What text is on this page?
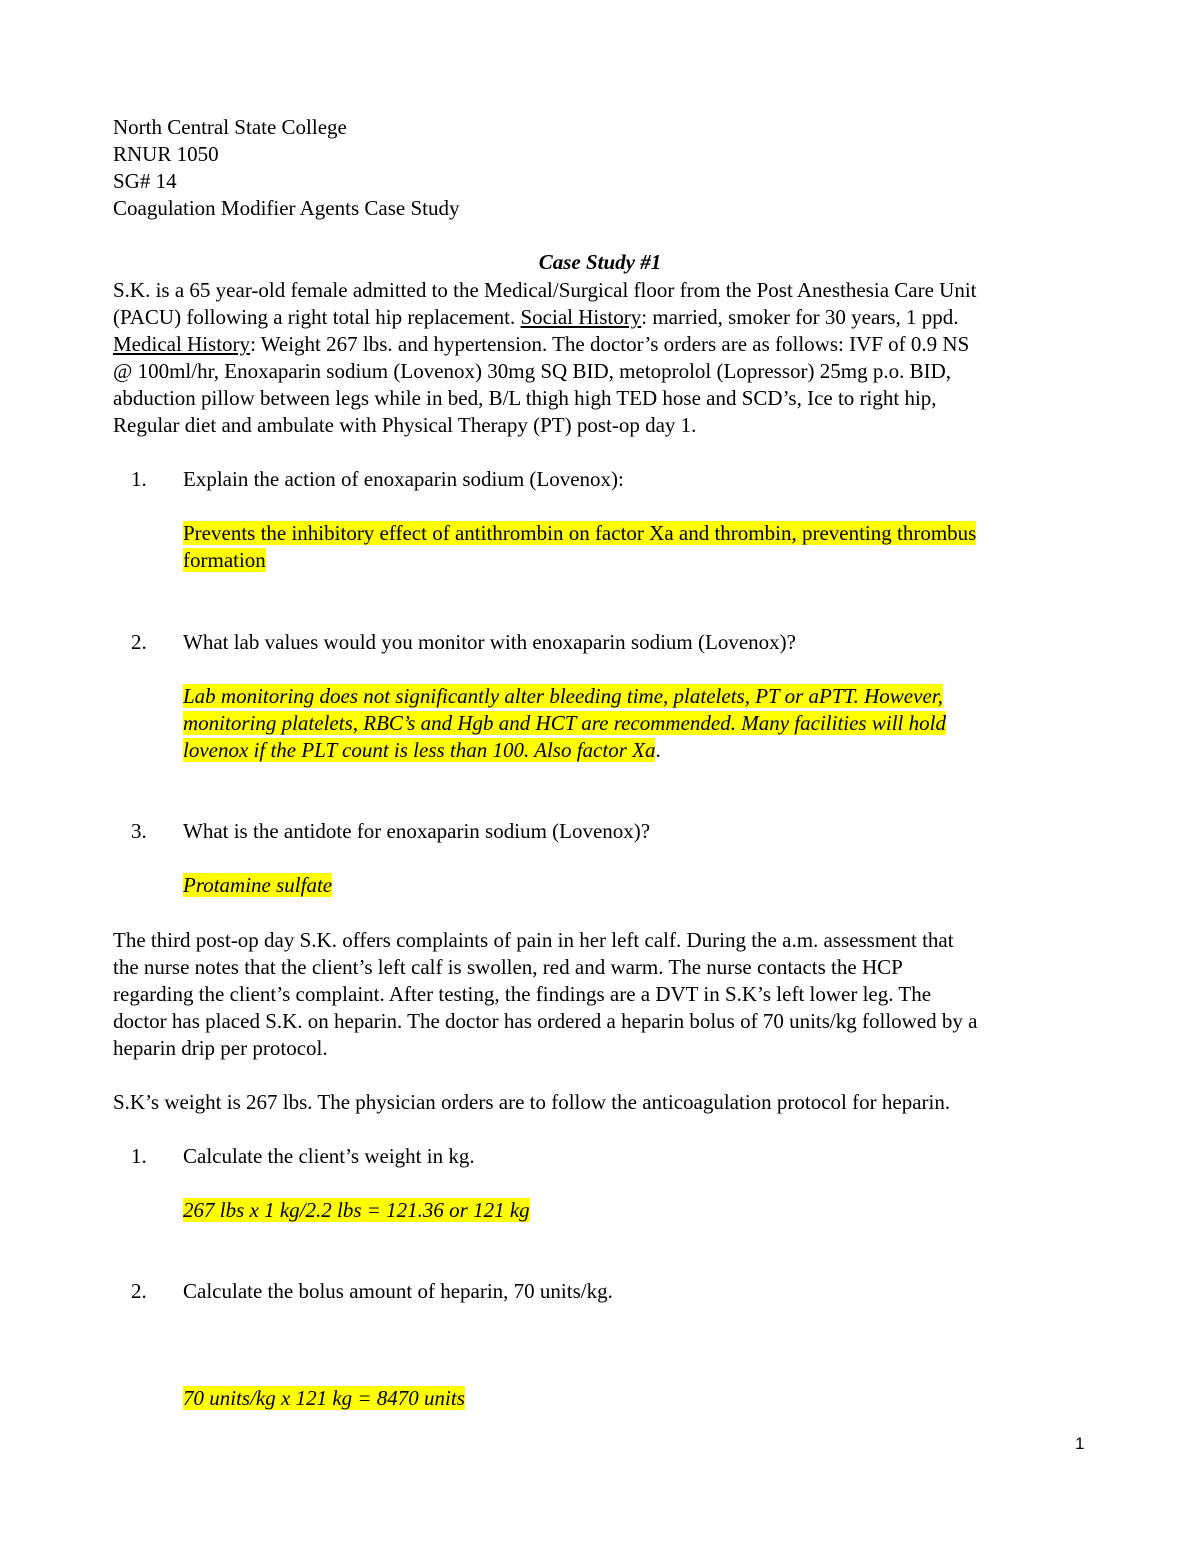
North Central State College
RNUR 1050
SG# 14
Coagulation Modifier Agents Case Study
Case Study #1
S.K. is a 65 year-old female admitted to the Medical/Surgical floor from the Post Anesthesia Care Unit
(PACU) following a right total hip replacement. Social History: married, smoker for 30 years, 1 ppd.
Medical History: Weight 267 lbs. and hypertension. The doctor’s orders are as follows: IVF of 0.9 NS
@ 100ml/hr, Enoxaparin sodium (Lovenox) 30mg SQ BID, metoprolol (Lopressor) 25mg p.o. BID,
abduction pillow between legs while in bed, B/L thigh high TED hose and SCD’s, Ice to right hip,
Regular diet and ambulate with Physical Therapy (PT) post-op day 1.
1. Explain the action of enoxaparin sodium (Lovenox):
Prevents the inhibitory effect of antithrombin on factor Xa and thrombin, preventing thrombus
formation
2. What lab values would you monitor with enoxaparin sodium (Lovenox)?
Lab monitoring does not significantly alter bleeding time, platelets, PT or aPTT. However,
monitoring platelets, RBC’s and Hgb and HCT are recommended. Many facilities will hold
lovenox if the PLT count is less than 100. Also factor Xa.
3. What is the antidote for enoxaparin sodium (Lovenox)?
Protamine sulfate
The third post-op day S.K. offers complaints of pain in her left calf. During the a.m. assessment that
the nurse notes that the client’s left calf is swollen, red and warm. The nurse contacts the HCP
regarding the client’s complaint. After testing, the findings are a DVT in S.K’s left lower leg. The
doctor has placed S.K. on heparin. The doctor has ordered a heparin bolus of 70 units/kg followed by a
heparin drip per protocol.
S.K’s weight is 267 lbs. The physician orders are to follow the anticoagulation protocol for heparin.
1. Calculate the client’s weight in kg.
267 lbs x 1 kg/2.2 lbs = 121.36 or 121 kg
2. Calculate the bolus amount of heparin, 70 units/kg.
70 units/kg x 121 kg = 8470 units
1
